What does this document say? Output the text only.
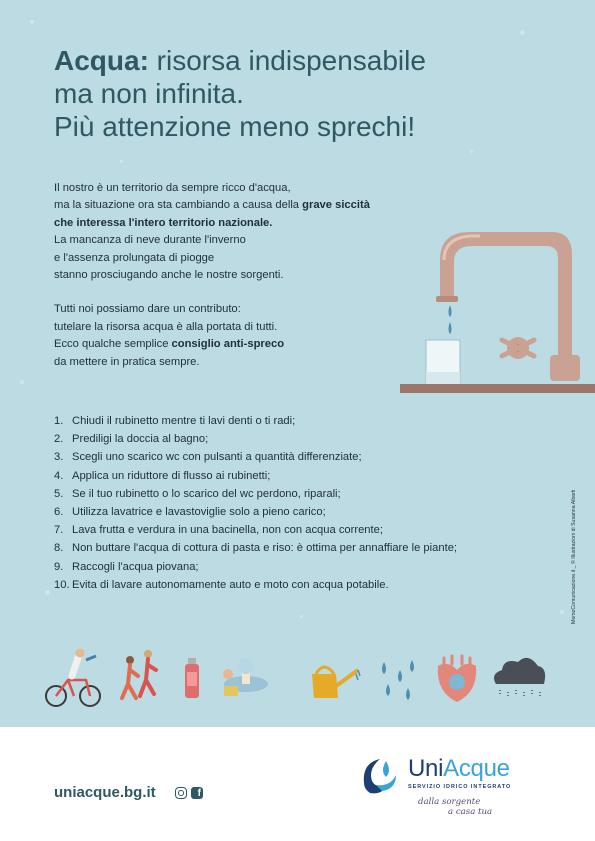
Acqua: risorsa indispensabile
ma non infinita.
Più attenzione meno sprechi!
Il nostro è un territorio da sempre ricco d'acqua,
ma la situazione ora sta cambiando a causa della grave siccità
che interessa l'intero territorio nazionale.
La mancanza di neve durante l'inverno
e l'assenza prolungata di piogge
stanno prosciugando anche le nostre sorgenti.
Tutti noi possiamo dare un contributo:
tutelare la risorsa acqua è alla portata di tutti.
Ecco qualche semplice consiglio anti-spreco
da mettere in pratica sempre.
1. Chiudi il rubinetto mentre ti lavi denti o ti radi;
2. Prediligi la doccia al bagno;
3. Scegli uno scarico wc con pulsanti a quantità differenziate;
4. Applica un riduttore di flusso ai rubinetti;
5. Se il tuo rubinetto o lo scarico del wc perdono, riparali;
6. Utilizza lavatrice e lavastoviglie solo a pieno carico;
7. Lava frutta e verdura in una bacinella, non con acqua corrente;
8. Non buttare l'acqua di cottura di pasta e riso: è ottima per annaffiare le piante;
9. Raccogli l'acqua piovana;
10. Evita di lavare autonomamente auto e moto con acqua potabile.	MemoComunicazione.it _ © Illustrazioni di Susanna Alberti
uniacque.bg.it	f
UniAcque
SERVIZIO IDRICO INTEGRATO
dalla sorgente
a casa tua
